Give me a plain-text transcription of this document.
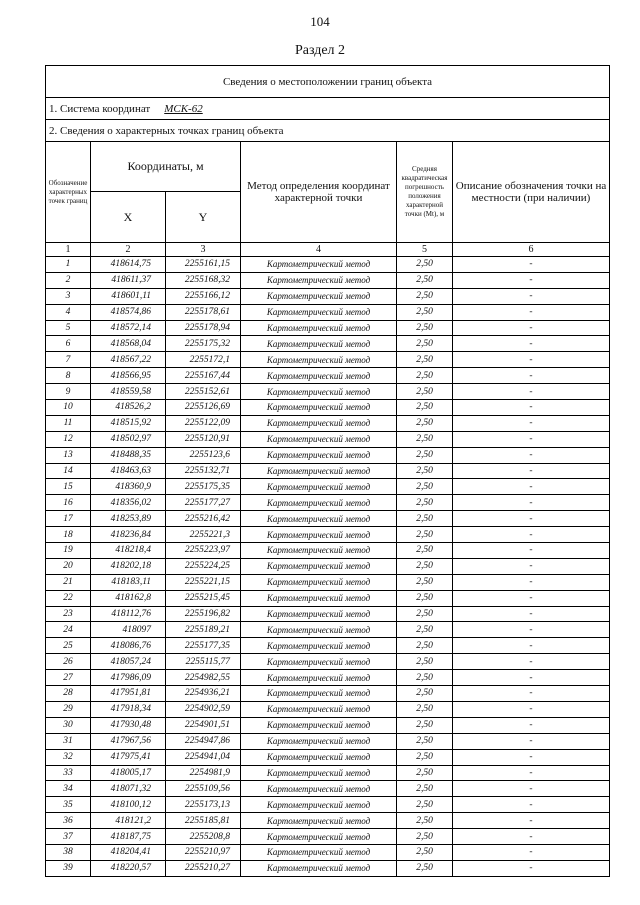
104
Раздел 2
Сведения о местоположении границ объекта					
1. Система координат МСК-62					
2. Сведения о характерных точках границ объекта					
Обозначение характерных точек границ	Координаты, м		Метод определения координат характерной точки	Средняя квадратическая погрешность положения характерной точки (Mt), м	Описание обозначения точки на местности (при наличии)
	X	Y			
1	2	3	4	5	6
1	418614,75	2255161,15	Картометрический метод	2,50	-
2	418611,37	2255168,32	Картометрический метод	2,50	-
3	418601,11	2255166,12	Картометрический метод	2,50	-
4	418574,86	2255178,61	Картометрический метод	2,50	-
5	418572,14	2255178,94	Картометрический метод	2,50	-
6	418568,04	2255175,32	Картометрический метод	2,50	-
7	418567,22	2255172,1	Картометрический метод	2,50	-
8	418566,95	2255167,44	Картометрический метод	2,50	-
9	418559,58	2255152,61	Картометрический метод	2,50	-
10	418526,2	2255126,69	Картометрический метод	2,50	-
11	418515,92	2255122,09	Картометрический метод	2,50	-
12	418502,97	2255120,91	Картометрический метод	2,50	-
13	418488,35	2255123,6	Картометрический метод	2,50	-
14	418463,63	2255132,71	Картометрический метод	2,50	-
15	418360,9	2255175,35	Картометрический метод	2,50	-
16	418356,02	2255177,27	Картометрический метод	2,50	-
17	418253,89	2255216,42	Картометрический метод	2,50	-
18	418236,84	2255221,3	Картометрический метод	2,50	-
19	418218,4	2255223,97	Картометрический метод	2,50	-
20	418202,18	2255224,25	Картометрический метод	2,50	-
21	418183,11	2255221,15	Картометрический метод	2,50	-
22	418162,8	2255215,45	Картометрический метод	2,50	-
23	418112,76	2255196,82	Картометрический метод	2,50	-
24	418097	2255189,21	Картометрический метод	2,50	-
25	418086,76	2255177,35	Картометрический метод	2,50	-
26	418057,24	2255115,77	Картометрический метод	2,50	-
27	417986,09	2254982,55	Картометрический метод	2,50	-
28	417951,81	2254936,21	Картометрический метод	2,50	-
29	417918,34	2254902,59	Картометрический метод	2,50	-
30	417930,48	2254901,51	Картометрический метод	2,50	-
31	417967,56	2254947,86	Картометрический метод	2,50	-
32	417975,41	2254941,04	Картометрический метод	2,50	-
33	418005,17	2254981,9	Картометрический метод	2,50	-
34	418071,32	2255109,56	Картометрический метод	2,50	-
35	418100,12	2255173,13	Картометрический метод	2,50	-
36	418121,2	2255185,81	Картометрический метод	2,50	-
37	418187,75	2255208,8	Картометрический метод	2,50	-
38	418204,41	2255210,97	Картометрический метод	2,50	-
39	418220,57	2255210,27	Картометрический метод	2,50	-
